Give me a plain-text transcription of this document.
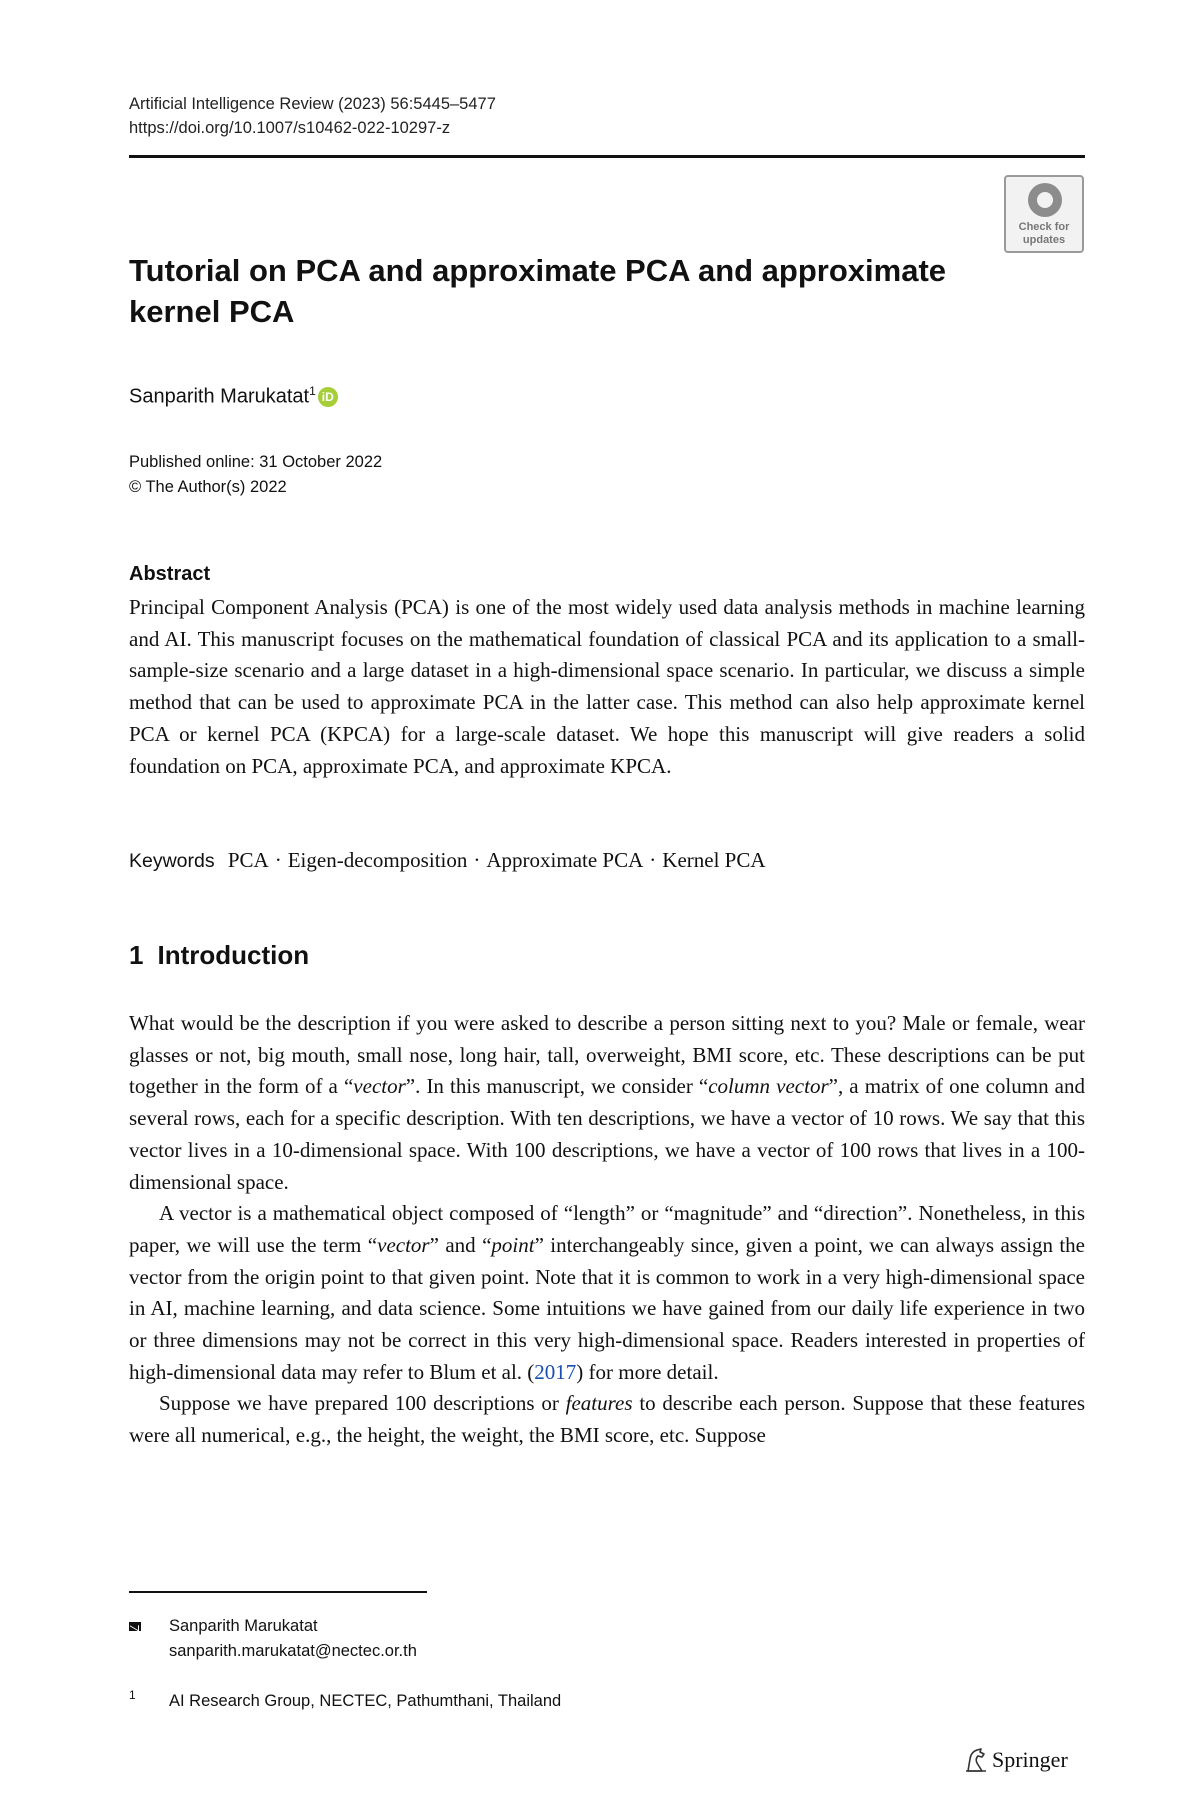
Artificial Intelligence Review (2023) 56:5445–5477
https://doi.org/10.1007/s10462-022-10297-z
Check for updates
Tutorial on PCA and approximate PCA and approximate kernel PCA
Sanparith Marukatat$^1$ iD
Published online: 31 October 2022
© The Author(s) 2022
Abstract

Principal Component Analysis (PCA) is one of the most widely used data analysis methods in machine learning and AI. This manuscript focuses on the mathematical foundation of classical PCA and its application to a small-sample-size scenario and a large dataset in a high-dimensional space scenario. In particular, we discuss a simple method that can be used to approximate PCA in the latter case. This method can also help approximate kernel PCA or kernel PCA (KPCA) for a large-scale dataset. We hope this manuscript will give readers a solid foundation on PCA, approximate PCA, and approximate KPCA.

Keywords PCA · Eigen-decomposition · Approximate PCA · Kernel PCA
1 Introduction

What would be the description if you were asked to describe a person sitting next to you? Male or female, wear glasses or not, big mouth, small nose, long hair, tall, overweight, BMI score, etc. These descriptions can be put together in the form of a “vector”. In this manuscript, we consider “column vector”, a matrix of one column and several rows, each for a specific description. With ten descriptions, we have a vector of 10 rows. We say that this vector lives in a 10-dimensional space. With 100 descriptions, we have a vector of 100 rows that lives in a 100-dimensional space.

A vector is a mathematical object composed of “length” or “magnitude” and “direction”. Nonetheless, in this paper, we will use the term “vector” and “point” interchangeably since, given a point, we can always assign the vector from the origin point to that given point. Note that it is common to work in a very high-dimensional space in AI, machine learning, and data science. Some intuitions we have gained from our daily life experience in two or three dimensions may not be correct in this very high-dimensional space. Readers interested in properties of high-dimensional data may refer to Blum et al. (2017) for more detail.

Suppose we have prepared 100 descriptions or features to describe each person. Suppose that these features were all numerical, e.g., the height, the weight, the BMI score, etc. Suppose

Sanparith Marukatat
sanparith.marukatat@nectec.or.th
1 AI Research Group, NECTEC, Pathumthani, Thailand
Springer
